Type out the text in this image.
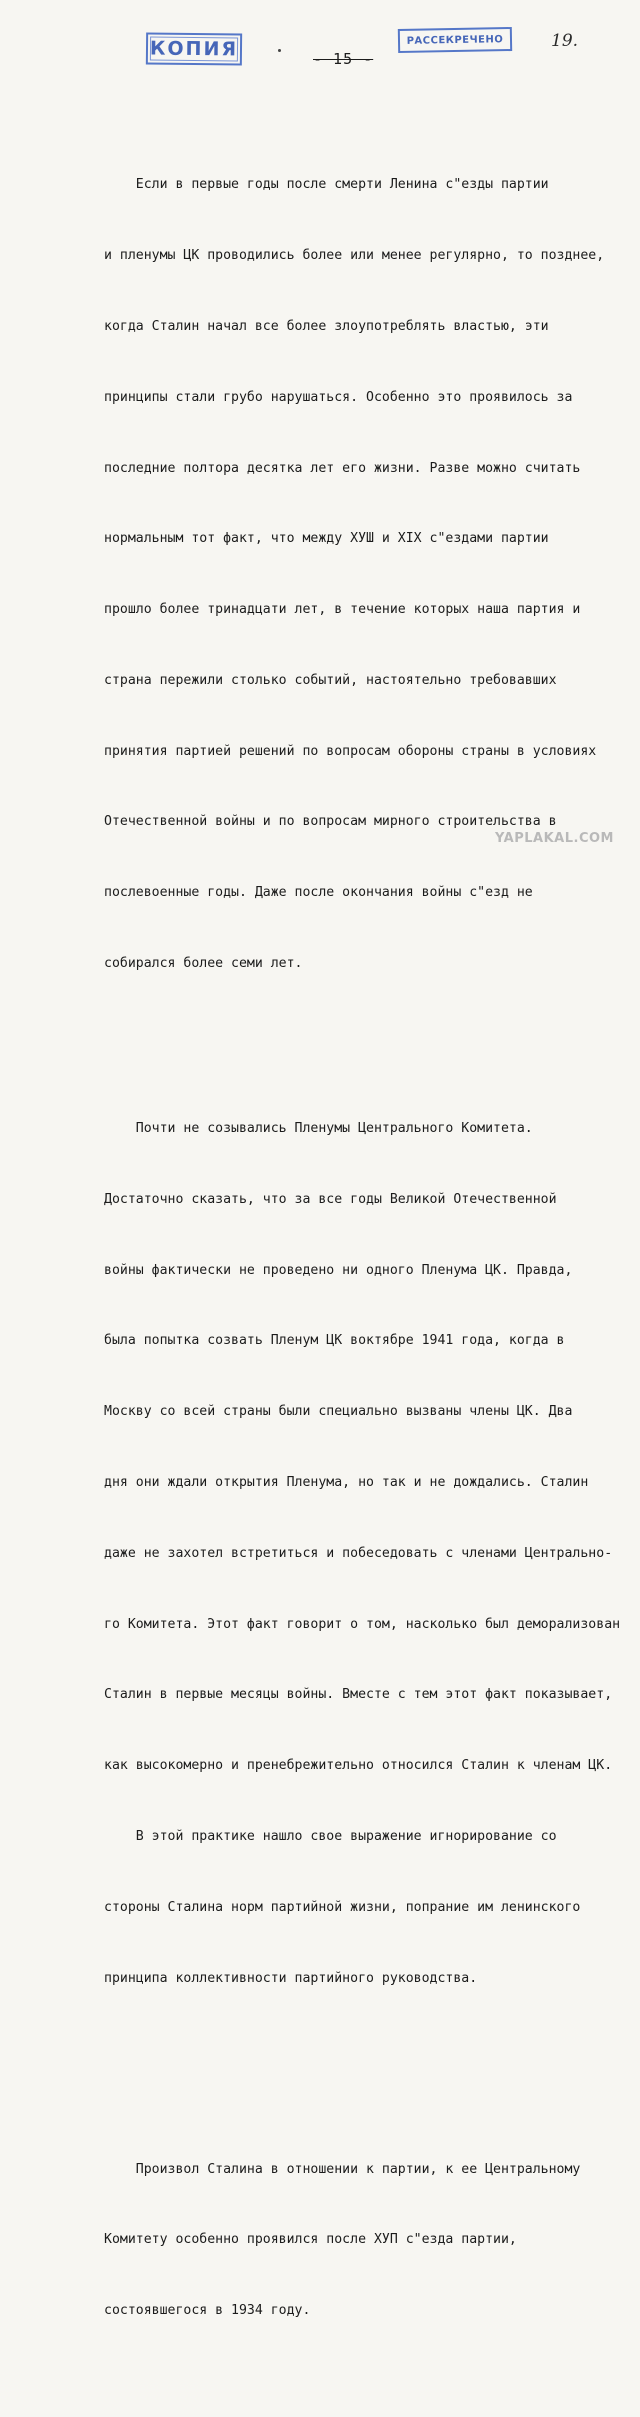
КОПИЯ	- 15 -
РАССЕКРЕЧЕНО	19.

Если в первые годы после смерти Ленина с"езды партии

и пленумы ЦК проводились более или менее регулярно, то позднее,

когда Сталин начал все более злоупотреблять властью, эти

принципы стали грубо нарушаться. Особенно это проявилось за

последние полтора десятка лет его жизни. Разве можно считать

нормальным тот факт, что между ХУШ и XIX с"ездами партии

прошло более тринадцати лет, в течение которых наша партия и

страна пережили столько событий, настоятельно требовавших

принятия партией решений по вопросам обороны страны в условиях

Отечественной войны и по вопросам мирного строительства в

послевоенные годы. Даже после окончания войны с"езд не

собирался более семи лет.

Почти не созывались Пленумы Центрального Комитета.

Достаточно сказать, что за все годы Великой Отечественной

войны фактически не проведено ни одного Пленума ЦК. Правда,

была попытка созвать Пленум ЦК воктябре 1941 года, когда в

Москву со всей страны были специально вызваны члены ЦК. Два

дня они ждали открытия Пленума, но так и не дождались. Сталин

даже не захотел встретиться и побеседовать с членами Центрально-

го Комитета. Этот факт говорит о том, насколько был деморализован

Сталин в первые месяцы войны. Вместе с тем этот факт показывает,

как высокомерно и пренебрежительно относился Сталин к членам ЦК.

В этой практике нашло свое выражение игнорирование со

стороны Сталина норм партийной жизни, попрание им ленинского

принципа коллективности партийного руководства.

Произвол Сталина в отношении к партии, к ее Центральному

Комитету особенно проявился после ХУП с"езда партии,

состоявшегося в 1934 году.

YAPLAKAL.COM
